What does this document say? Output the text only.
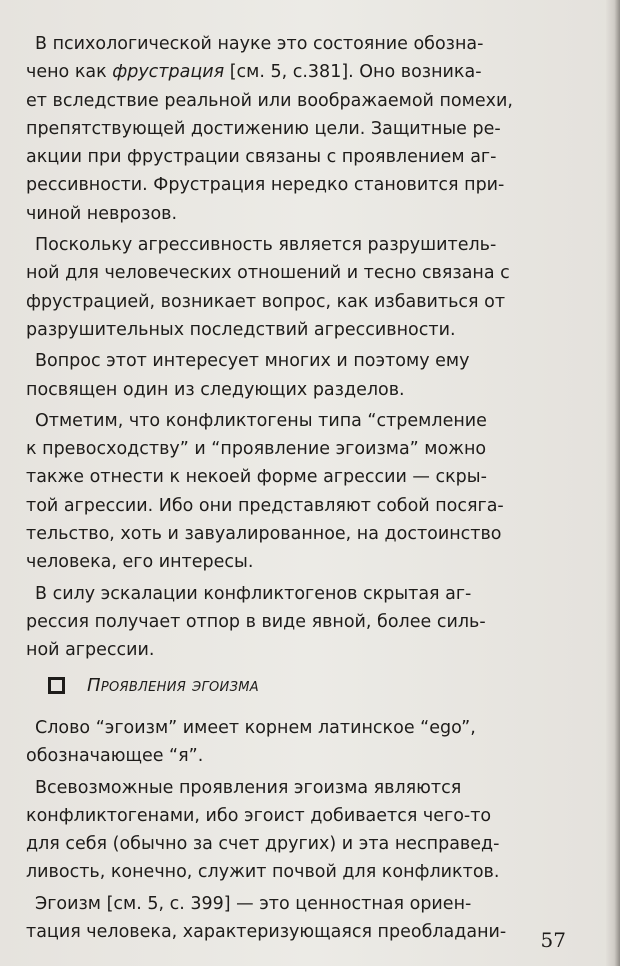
В психологической науке это состояние обозна-
чено как фрустрация [см. 5, с.381]. Оно возника-
ет вследствие реальной или воображаемой помехи,
препятствующей достижению цели. Защитные ре-
акции при фрустрации связаны с проявлением аг-
рессивности. Фрустрация нередко становится при-
чиной неврозов.
Поскольку агрессивность является разрушитель-
ной для человеческих отношений и тесно связана с
фрустрацией, возникает вопрос, как избавиться от
разрушительных последствий агрессивности.
Вопрос этот интересует многих и поэтому ему
посвящен один из следующих разделов.
Отметим, что конфликтогены типа “стремление
к превосходству” и “проявление эгоизма” можно
также отнести к некоей форме агрессии — скры-
той агрессии. Ибо они представляют собой посяга-
тельство, хоть и завуалированное, на достоинство
человека, его интересы.
В силу эскалации конфликтогенов скрытая аг-
рессия получает отпор в виде явной, более силь-
ной агрессии.
Проявления эгоизма
Слово “эгоизм” имеет корнем латинское “ego”,
обозначающее “я”.
Всевозможные проявления эгоизма являются
конфликтогенами, ибо эгоист добивается чего-то
для себя (обычно за счет других) и эта несправед-
ливость, конечно, служит почвой для конфликтов.
Эгоизм [см. 5, с. 399] — это ценностная ориен-
тация человека, характеризующаяся преобладани-	57
